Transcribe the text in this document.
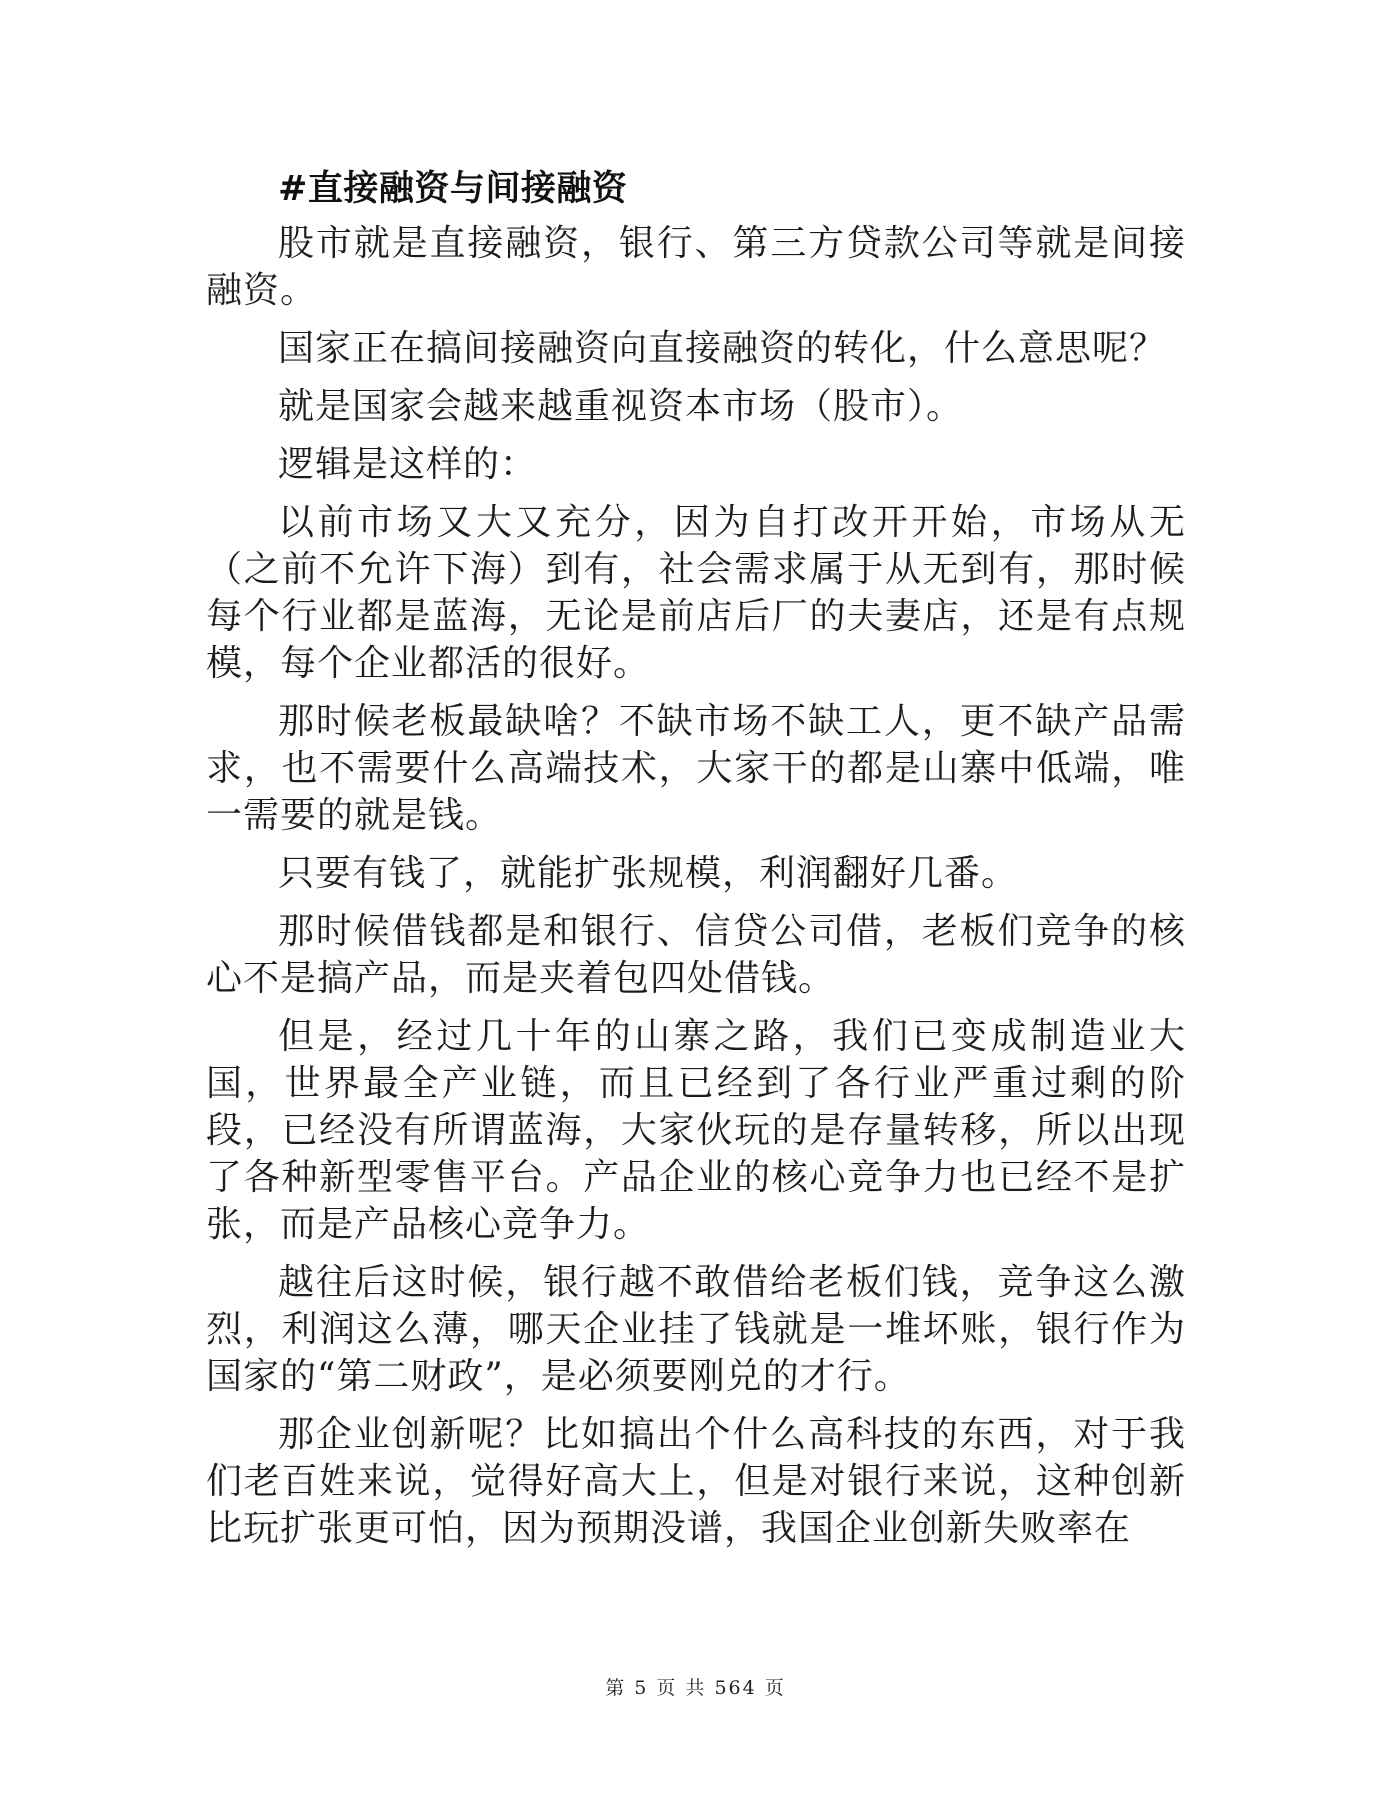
#直接融资与间接融资

股市就是直接融资，银行、第三方贷款公司等就是间接融资。

国家正在搞间接融资向直接融资的转化，什么意思呢？

就是国家会越来越重视资本市场（股市）。

逻辑是这样的：

以前市场又大又充分，因为自打改开开始，市场从无（之前不允许下海）到有，社会需求属于从无到有，那时候每个行业都是蓝海，无论是前店后厂的夫妻店，还是有点规模，每个企业都活的很好。

那时候老板最缺啥？不缺市场不缺工人，更不缺产品需求，也不需要什么高端技术，大家干的都是山寨中低端，唯一需要的就是钱。

只要有钱了，就能扩张规模，利润翻好几番。

那时候借钱都是和银行、信贷公司借，老板们竞争的核心不是搞产品，而是夹着包四处借钱。

但是，经过几十年的山寨之路，我们已变成制造业大国，世界最全产业链，而且已经到了各行业严重过剩的阶段，已经没有所谓蓝海，大家伙玩的是存量转移，所以出现了各种新型零售平台。产品企业的核心竞争力也已经不是扩张，而是产品核心竞争力。

越往后这时候，银行越不敢借给老板们钱，竞争这么激烈，利润这么薄，哪天企业挂了钱就是一堆坏账，银行作为国家的“第二财政”，是必须要刚兑的才行。

那企业创新呢？比如搞出个什么高科技的东西，对于我们老百姓来说，觉得好高大上，但是对银行来说，这种创新比玩扩张更可怕，因为预期没谱，我国企业创新失败率在

第 5 页 共 564 页
